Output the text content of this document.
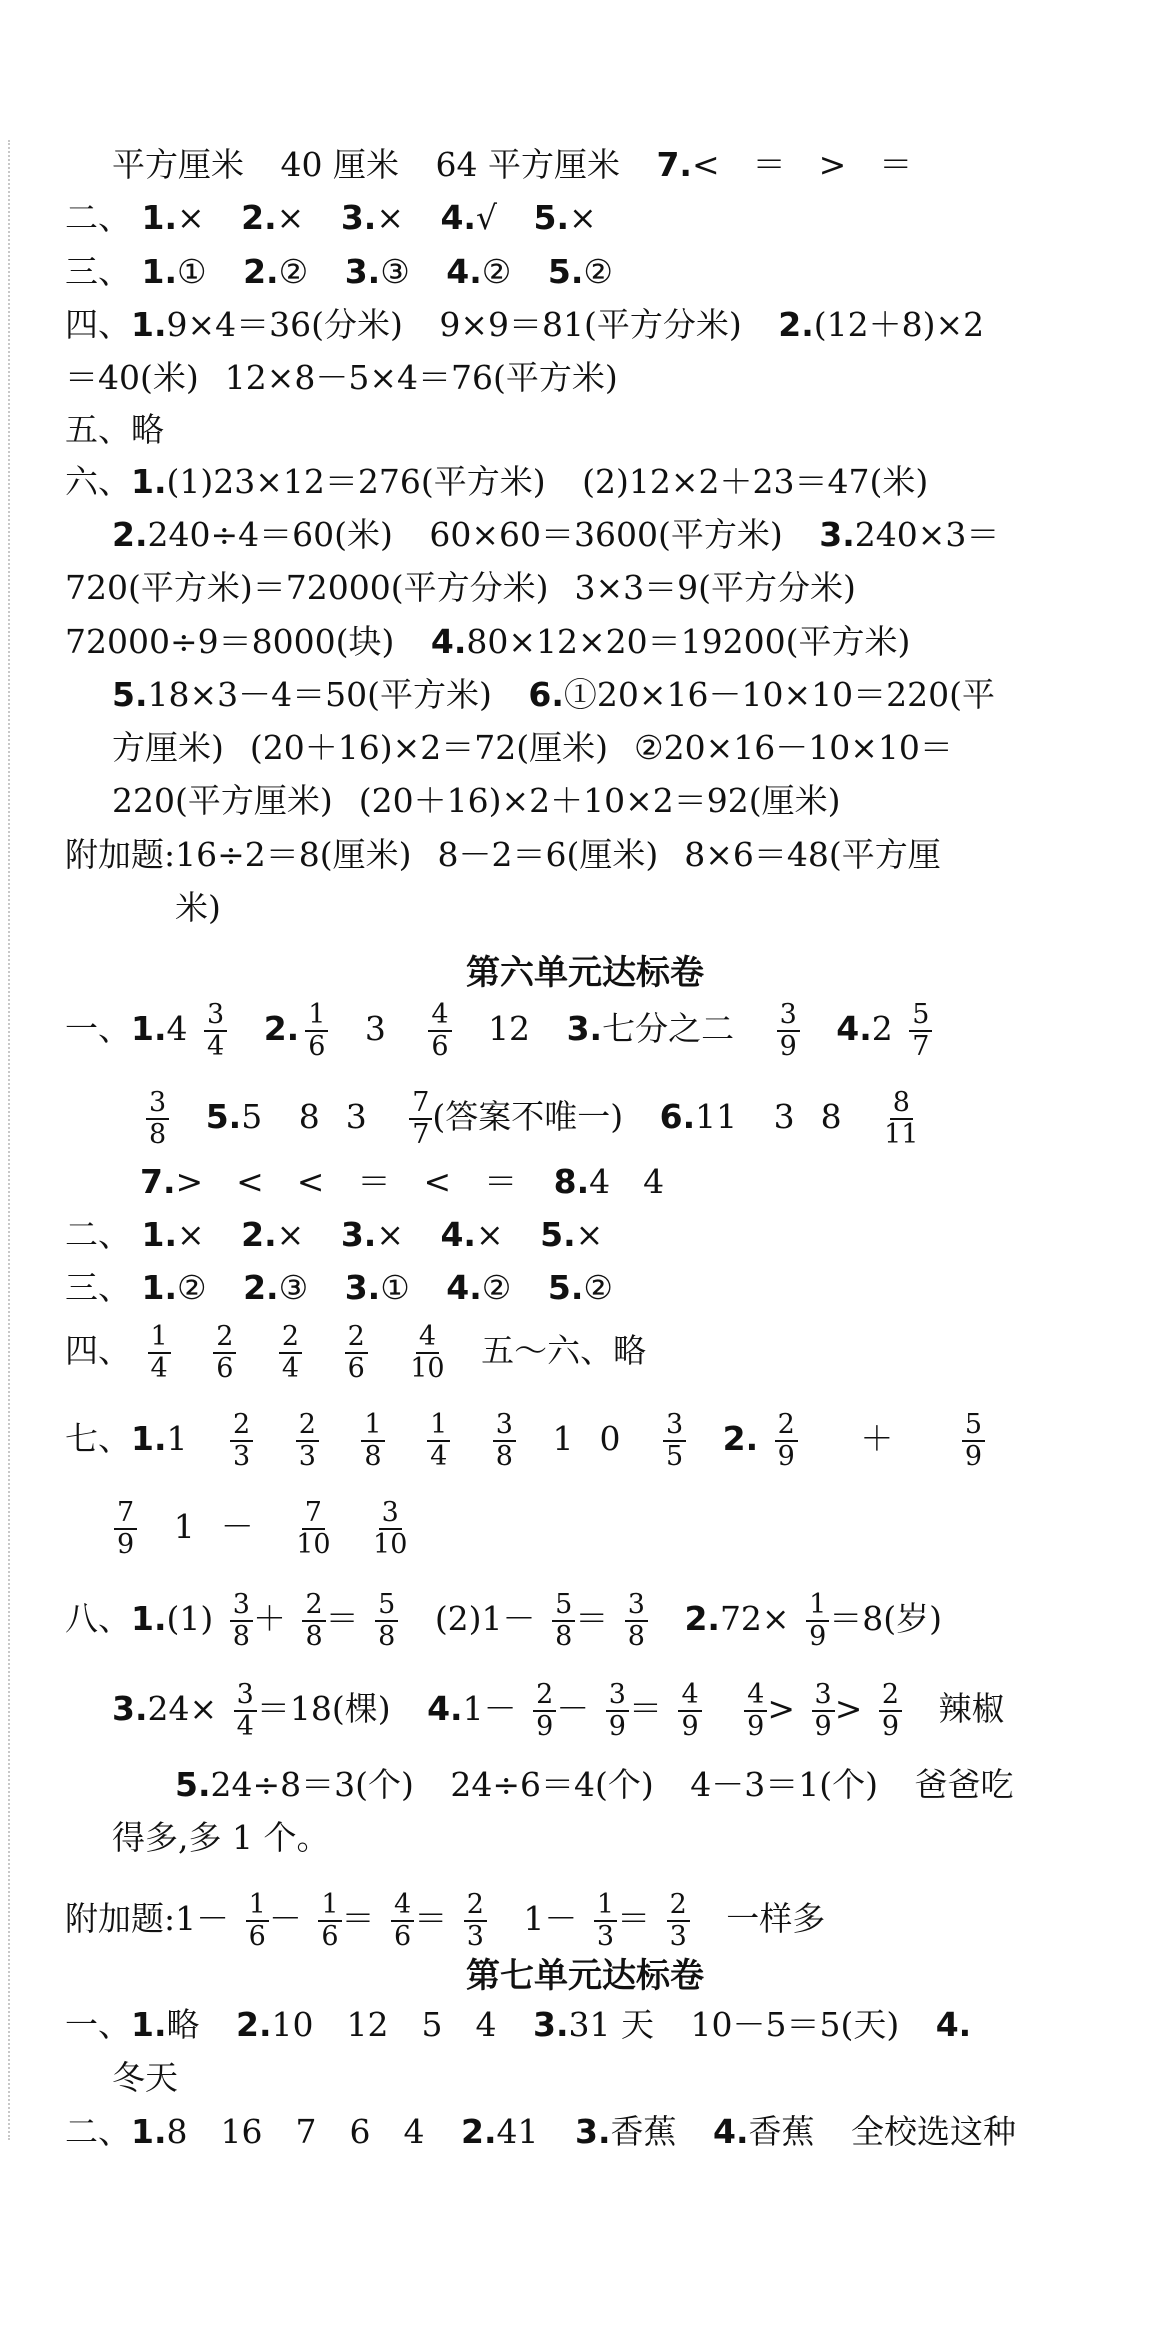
平方厘米 40 厘米 64 平方厘米 7.<　＝　>　＝
二、 1.× 2.× 3.× 4.√ 5.×
三、 1.① 2.② 3.③ 4.② 5.②
四、1.9×4＝36(分米) 9×9＝81(平方分米) 2.(12＋8)×2
＝40(米) 12×8－5×4＝76(平方米)
五、略
六、1.(1)23×12＝276(平方米) (2)12×2＋23＝47(米)
2.240÷4＝60(米) 60×60＝3600(平方米) 3.240×3＝
720(平方米)＝72000(平方分米) 3×3＝9(平方分米)
72000÷9＝8000(块) 4.80×12×20＝19200(平方米)
5.18×3－4＝50(平方米) 6.①20×16－10×10＝220(平
方厘米) (20＋16)×2＝72(厘米) ②20×16－10×10＝
220(平方厘米) (20＋16)×2＋10×2＝92(厘米)
附加题:16÷2＝8(厘米) 8－2＝6(厘米) 8×6＝48(平方厘
米)
第六单元达标卷
一、$1.4 \frac{3}{4} 2$. $\frac{1}{6} 3 \frac{4}{6} 12$ 3.七分之二 $\frac{3}{9} 4.2 \frac{5}{7}$
$\frac{3}{8} 5.5$ 8 $3 \frac{7}{7}$ (答案不唯一) 6.11 3 $8 \frac{8}{11}$
7.>　<　<　＝　<　＝ 8.4　4
二、 1.× 2.× 3.× 4.× 5.×
三、 1.② 2.③ 3.① 4.② 5.②
四、 $\frac{1}{4}$
$\frac{2}{6}$
$\frac{2}{4}$
$\frac{2}{6}$
$\frac{4}{10}$ 五～六、略
七、$1.1 \frac{2}{3}$
$\frac{2}{3}$
$\frac{1}{8}$
$\frac{1}{4}$
$\frac{3}{8} 1$ $0 \frac{3}{5} 2$. $\frac{2}{9}$ ＋	$\frac{5}{9}$
$\frac{7}{9} 1 - \frac{7}{10}$
$\frac{3}{10}$
八、$1.(1) \frac{3}{8} + \frac{2}{8} = \frac{5}{8} (2)1- \frac{5}{8} = \frac{3}{8} 2.72\times \frac{1}{9} =8$(岁)
$3.24\times \frac{3}{4} =18$(棵) $4.1- \frac{2}{9} - \frac{3}{9} = \frac{4}{9}$
$\frac{4}{9} > \frac{3}{9} > \frac{2}{9}$ 辣椒
5.24÷8＝3(个) 24÷6＝4(个) 4－3＝1(个) 爸爸吃
得多,多 1 个。
附加题:1－ $\frac{1}{6} - \frac{1}{6} = \frac{4}{6} = \frac{2}{3} 1- \frac{1}{3} = \frac{2}{3}$ 一样多
第七单元达标卷
一、1.略 2.10　12　5　4 3.31 天 10－5＝5(天) 4.
冬天
二、1.8　16　7　6　4 2.41 3.香蕉 4.香蕉 全校选这种
